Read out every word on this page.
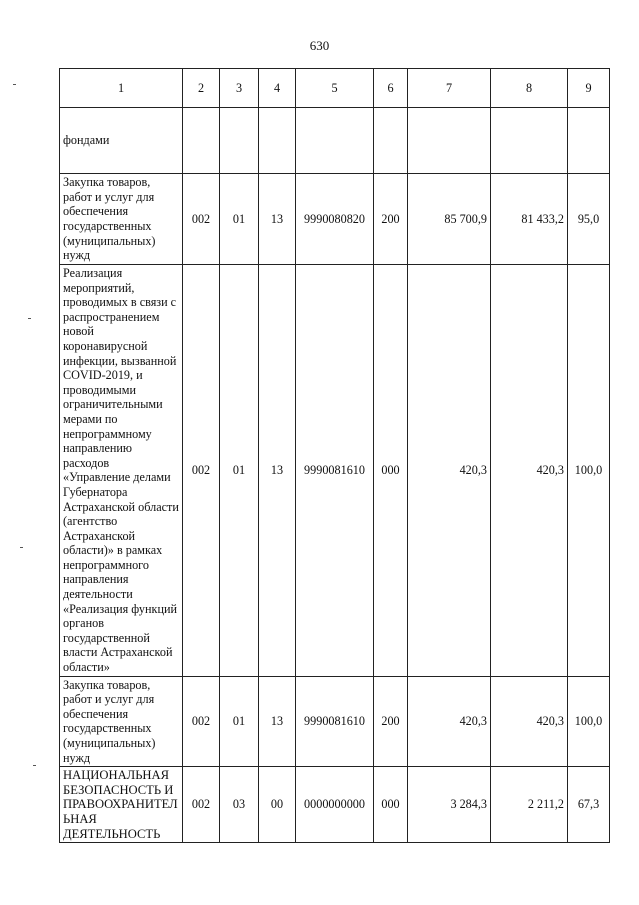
630
1	2	3	4	5	6	7	8	9
фондами								
Закупка товаров, работ и услуг для обеспечения государственных (муниципальных) нужд	002	01	13	9990080820	200	85 700,9	81 433,2	95,0
Реализация мероприятий, проводимых в связи с распространением новой коронавирусной инфекции, вызванной COVID-2019, и проводимыми ограничительными мерами по непрограммному направлению расходов «Управление делами Губернатора Астраханской области (агентство Астраханской области)» в рамках непрограммного направления деятельности «Реализация функций органов государственной власти Астраханской области»	002	01	13	9990081610	000	420,3	420,3	100,0
Закупка товаров, работ и услуг для обеспечения государственных (муниципальных) нужд	002	01	13	9990081610	200	420,3	420,3	100,0
НАЦИОНАЛЬНАЯ БЕЗОПАСНОСТЬ И ПРАВООХРАНИТЕЛЬНАЯ ДЕЯТЕЛЬНОСТЬ	002	03	00	0000000000	000	3 284,3	2 211,2	67,3
